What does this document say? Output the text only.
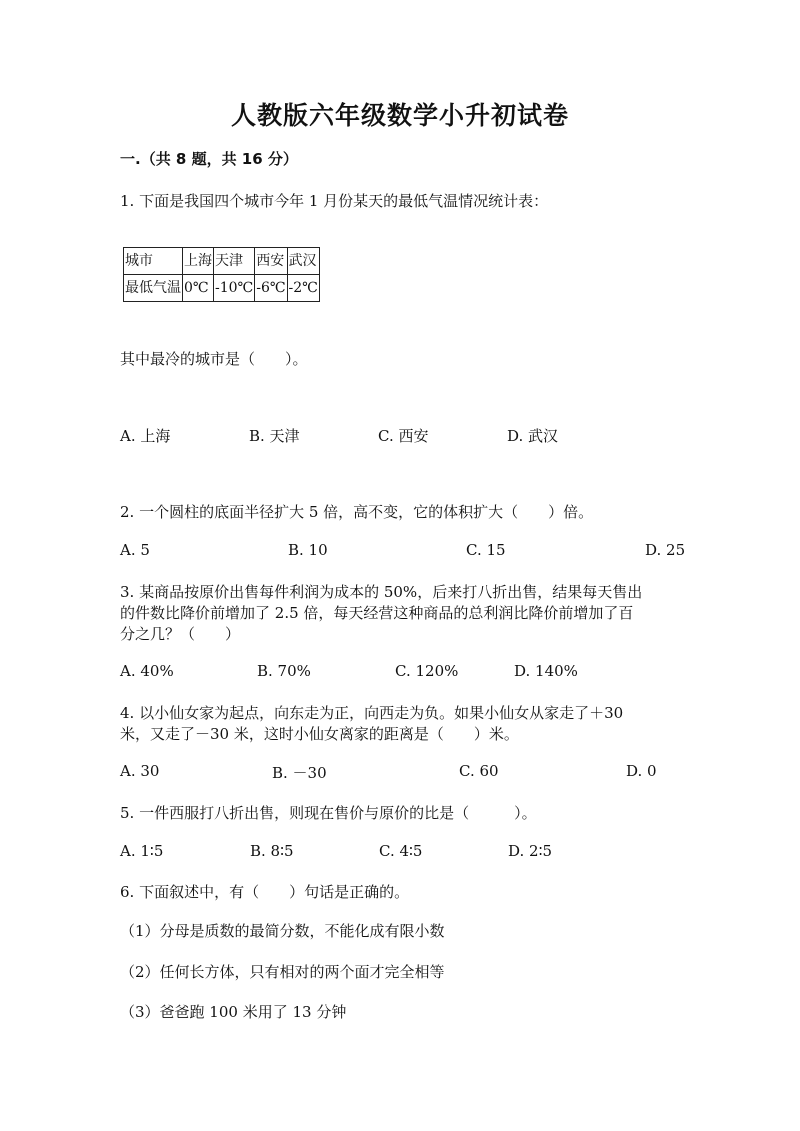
人教版六年级数学小升初试卷
一.（共 8 题，共 16 分）
1. 下面是我国四个城市今年 1 月份某天的最低气温情况统计表：
城市	上海	天津	西安	武汉
最低气温	0℃	-10℃	-6℃	-2℃
其中最冷的城市是（　　）。
A. 上海	B. 天津	C. 西安	D. 武汉
2. 一个圆柱的底面半径扩大 5 倍，高不变，它的体积扩大（　　）倍。
A. 5	B. 10	C. 15	D. 25
3. 某商品按原价出售每件利润为成本的 50%，后来打八折出售，结果每天售出
的件数比降价前增加了 2.5 倍，每天经营这种商品的总利润比降价前增加了百
分之几？（　　）
A. 40%	B. 70%	C. 120%	D. 140%
4. 以小仙女家为起点，向东走为正，向西走为负。如果小仙女从家走了＋30
米，又走了－30 米，这时小仙女离家的距离是（　　）米。
A. 30	B. －30	C. 60	D. 0
5. 一件西服打八折出售，则现在售价与原价的比是（　　　）。
A. 1∶5	B. 8∶5	C. 4∶5	D. 2∶5
6. 下面叙述中，有（　　）句话是正确的。
（1）分母是质数的最简分数，不能化成有限小数
（2）任何长方体，只有相对的两个面才完全相等
（3）爸爸跑 100 米用了 13 分钟
